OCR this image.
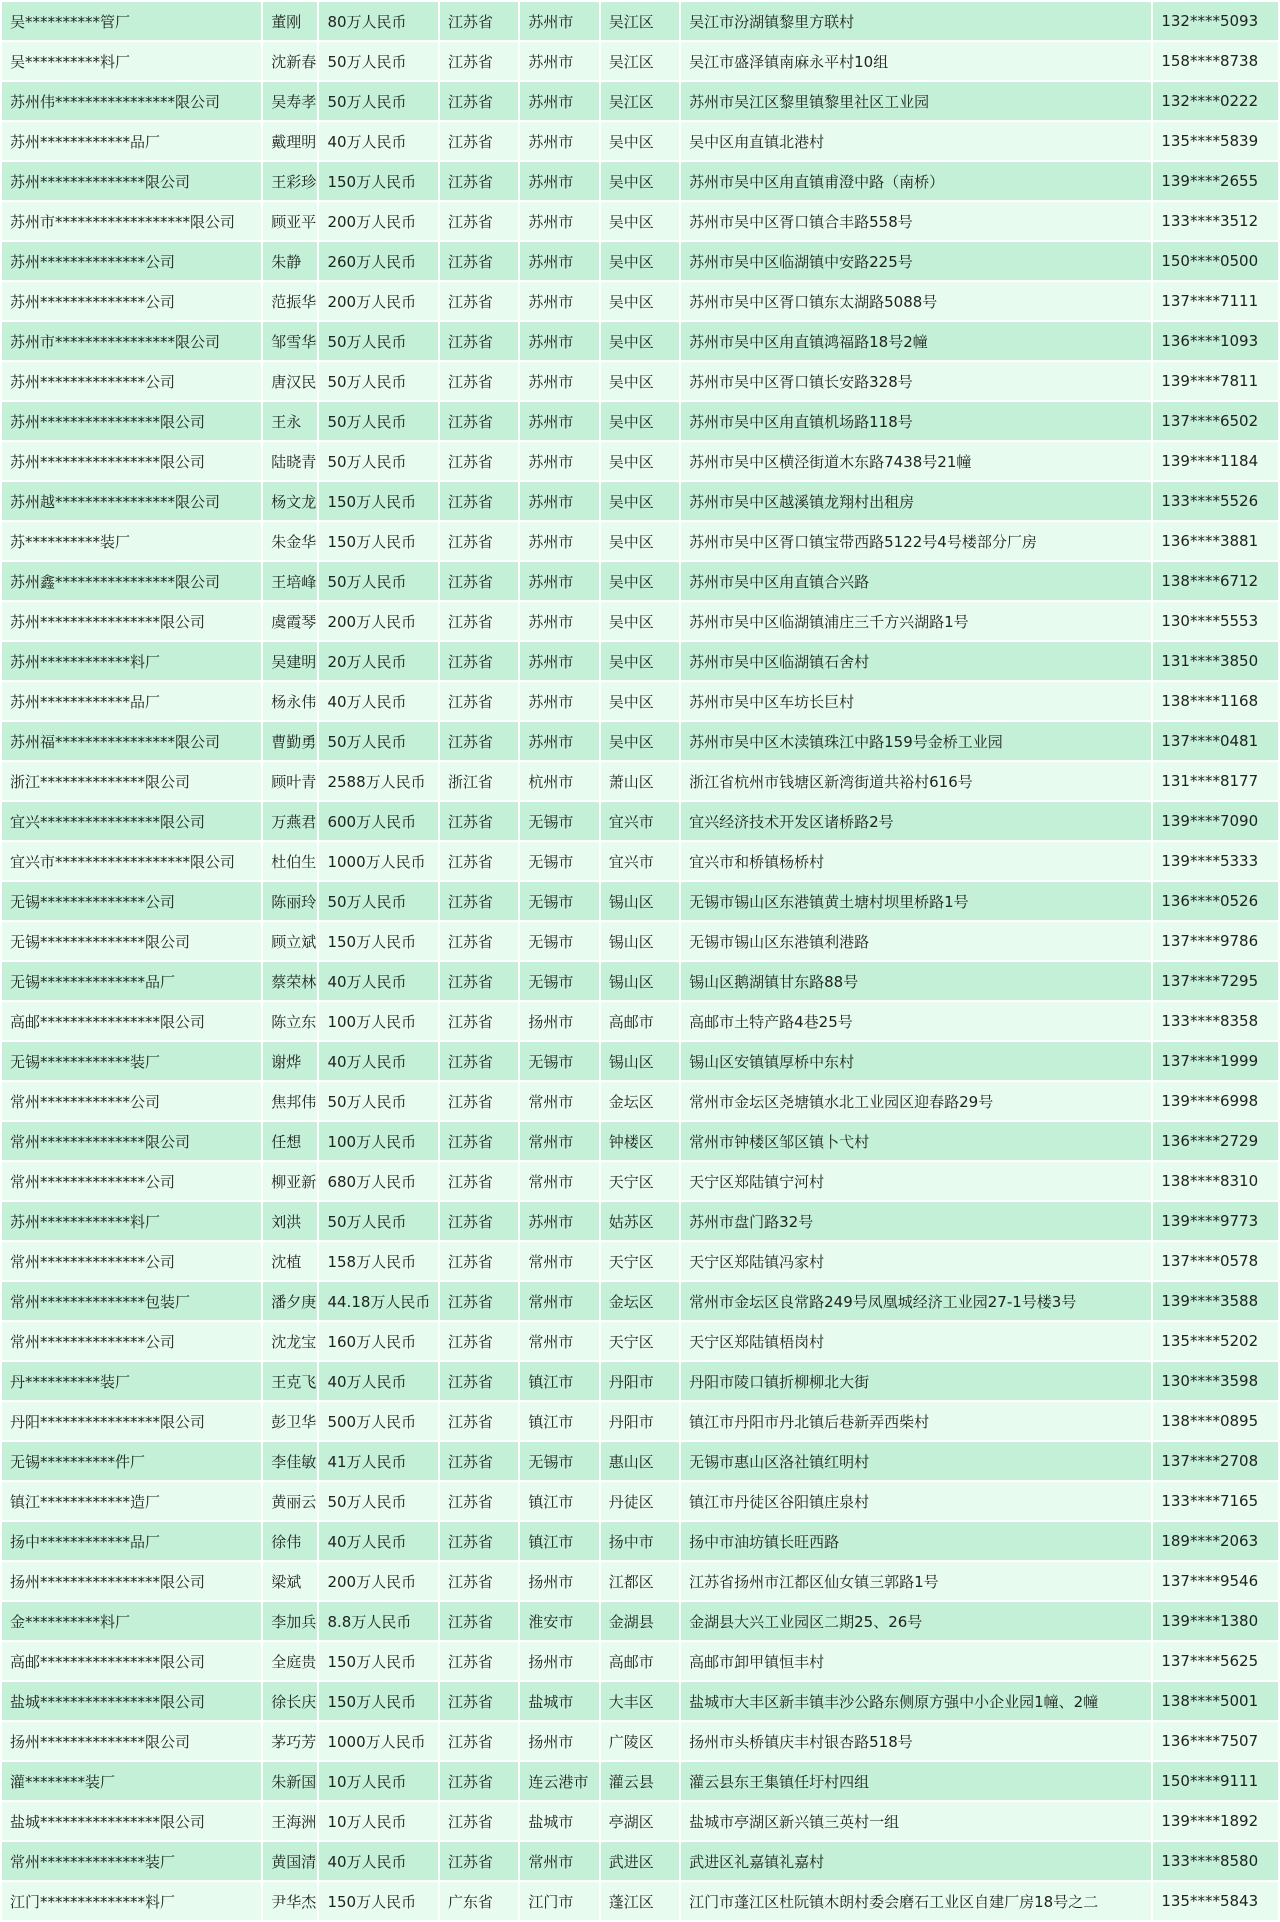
吴**********管厂	董刚	80万人民币	江苏省	苏州市	吴江区	吴江市汾湖镇黎里方联村	132****5093
吴**********料厂	沈新春	50万人民币	江苏省	苏州市	吴江区	吴江市盛泽镇南麻永平村10组	158****8738
苏州伟****************限公司	吴寿孝	50万人民币	江苏省	苏州市	吴江区	苏州市吴江区黎里镇黎里社区工业园	132****0222
苏州************品厂	戴理明	40万人民币	江苏省	苏州市	吴中区	吴中区甪直镇北港村	135****5839
苏州**************限公司	王彩珍	150万人民币	江苏省	苏州市	吴中区	苏州市吴中区甪直镇甫澄中路（南桥）	139****2655
苏州市******************限公司	顾亚平	200万人民币	江苏省	苏州市	吴中区	苏州市吴中区胥口镇合丰路558号	133****3512
苏州**************公司	朱静	260万人民币	江苏省	苏州市	吴中区	苏州市吴中区临湖镇中安路225号	150****0500
苏州**************公司	范振华	200万人民币	江苏省	苏州市	吴中区	苏州市吴中区胥口镇东太湖路5088号	137****7111
苏州市****************限公司	邹雪华	50万人民币	江苏省	苏州市	吴中区	苏州市吴中区甪直镇鸿福路18号2幢	136****1093
苏州**************公司	唐汉民	50万人民币	江苏省	苏州市	吴中区	苏州市吴中区胥口镇长安路328号	139****7811
苏州****************限公司	王永	50万人民币	江苏省	苏州市	吴中区	苏州市吴中区甪直镇机场路118号	137****6502
苏州****************限公司	陆晓青	50万人民币	江苏省	苏州市	吴中区	苏州市吴中区横泾街道木东路7438号21幢	139****1184
苏州越****************限公司	杨文龙	150万人民币	江苏省	苏州市	吴中区	苏州市吴中区越溪镇龙翔村出租房	133****5526
苏**********装厂	朱金华	150万人民币	江苏省	苏州市	吴中区	苏州市吴中区胥口镇宝带西路5122号4号楼部分厂房	136****3881
苏州鑫****************限公司	王培峰	50万人民币	江苏省	苏州市	吴中区	苏州市吴中区甪直镇合兴路	138****6712
苏州****************限公司	虞霞琴	200万人民币	江苏省	苏州市	吴中区	苏州市吴中区临湖镇浦庄三千方兴湖路1号	130****5553
苏州************料厂	吴建明	20万人民币	江苏省	苏州市	吴中区	苏州市吴中区临湖镇石舍村	131****3850
苏州************品厂	杨永伟	40万人民币	江苏省	苏州市	吴中区	苏州市吴中区车坊长巨村	138****1168
苏州福****************限公司	曹勤勇	50万人民币	江苏省	苏州市	吴中区	苏州市吴中区木渎镇珠江中路159号金桥工业园	137****0481
浙江**************限公司	顾叶青	2588万人民币	浙江省	杭州市	萧山区	浙江省杭州市钱塘区新湾街道共裕村616号	131****8177
宜兴****************限公司	万燕君	600万人民币	江苏省	无锡市	宜兴市	宜兴经济技术开发区诸桥路2号	139****7090
宜兴市******************限公司	杜伯生	1000万人民币	江苏省	无锡市	宜兴市	宜兴市和桥镇杨桥村	139****5333
无锡**************公司	陈丽玲	50万人民币	江苏省	无锡市	锡山区	无锡市锡山区东港镇黄土塘村坝里桥路1号	136****0526
无锡**************限公司	顾立斌	150万人民币	江苏省	无锡市	锡山区	无锡市锡山区东港镇利港路	137****9786
无锡**************品厂	蔡荣林	40万人民币	江苏省	无锡市	锡山区	锡山区鹅湖镇甘东路88号	137****7295
高邮****************限公司	陈立东	100万人民币	江苏省	扬州市	高邮市	高邮市土特产路4巷25号	133****8358
无锡************装厂	谢烨	40万人民币	江苏省	无锡市	锡山区	锡山区安镇镇厚桥中东村	137****1999
常州************公司	焦邦伟	50万人民币	江苏省	常州市	金坛区	常州市金坛区尧塘镇水北工业园区迎春路29号	139****6998
常州**************限公司	任想	100万人民币	江苏省	常州市	钟楼区	常州市钟楼区邹区镇卜弋村	136****2729
常州**************公司	柳亚新	680万人民币	江苏省	常州市	天宁区	天宁区郑陆镇宁河村	138****8310
苏州************料厂	刘洪	50万人民币	江苏省	苏州市	姑苏区	苏州市盘门路32号	139****9773
常州**************公司	沈植	158万人民币	江苏省	常州市	天宁区	天宁区郑陆镇冯家村	137****0578
常州**************包装厂	潘夕庚	44.18万人民币	江苏省	常州市	金坛区	常州市金坛区良常路249号凤凰城经济工业园27-1号楼3号	139****3588
常州**************公司	沈龙宝	160万人民币	江苏省	常州市	天宁区	天宁区郑陆镇梧岗村	135****5202
丹**********装厂	王克飞	40万人民币	江苏省	镇江市	丹阳市	丹阳市陵口镇折柳柳北大街	130****3598
丹阳****************限公司	彭卫华	500万人民币	江苏省	镇江市	丹阳市	镇江市丹阳市丹北镇后巷新弄西柴村	138****0895
无锡**********件厂	李佳敏	41万人民币	江苏省	无锡市	惠山区	无锡市惠山区洛社镇红明村	137****2708
镇江************造厂	黄丽云	50万人民币	江苏省	镇江市	丹徒区	镇江市丹徒区谷阳镇庄泉村	133****7165
扬中************品厂	徐伟	40万人民币	江苏省	镇江市	扬中市	扬中市油坊镇长旺西路	189****2063
扬州****************限公司	梁斌	200万人民币	江苏省	扬州市	江都区	江苏省扬州市江都区仙女镇三郭路1号	137****9546
金**********料厂	李加兵	8.8万人民币	江苏省	淮安市	金湖县	金湖县大兴工业园区二期25、26号	139****1380
高邮****************限公司	全庭贵	150万人民币	江苏省	扬州市	高邮市	高邮市卸甲镇恒丰村	137****5625
盐城****************限公司	徐长庆	150万人民币	江苏省	盐城市	大丰区	盐城市大丰区新丰镇丰沙公路东侧原方强中小企业园1幢、2幢	138****5001
扬州**************限公司	茅巧芳	1000万人民币	江苏省	扬州市	广陵区	扬州市头桥镇庆丰村银杏路518号	136****7507
灌********装厂	朱新国	10万人民币	江苏省	连云港市	灌云县	灌云县东王集镇任圩村四组	150****9111
盐城****************限公司	王海洲	10万人民币	江苏省	盐城市	亭湖区	盐城市亭湖区新兴镇三英村一组	139****1892
常州**************装厂	黄国清	40万人民币	江苏省	常州市	武进区	武进区礼嘉镇礼嘉村	133****8580
江门**************料厂	尹华杰	150万人民币	广东省	江门市	蓬江区	江门市蓬江区杜阮镇木朗村委会磨石工业区自建厂房18号之二	135****5843
